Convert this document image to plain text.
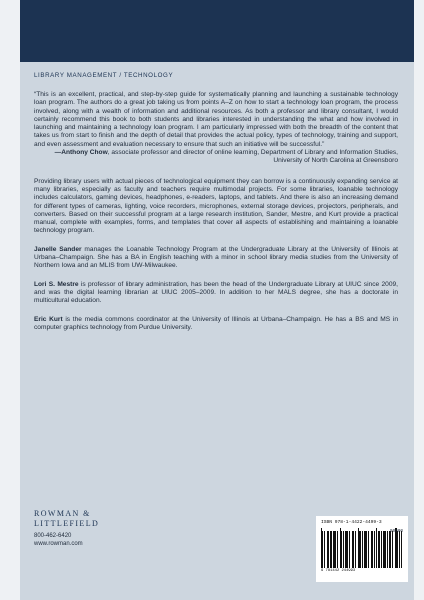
LIBRARY MANAGEMENT / TECHNOLOGY

“This is an excellent, practical, and step-by-step guide for systematically planning and launching a sustainable technology loan program. The authors do a great job taking us from points A–Z on how to start a technology loan program, the process involved, along with a wealth of information and additional resources. As both a professor and library consultant, I would certainly recommend this book to both students and libraries interested in understanding the what and how involved in launching and maintaining a technology loan program. I am particularly impressed with both the breadth of the content that takes us from start to finish and the depth of detail that provides the actual policy, types of technology, training and support, and even assessment and evaluation necessary to ensure that such an initiative will be successful.”

—Anthony Chow, associate professor and director of online learning, Department of Library and Information Studies, University of North Carolina at Greensboro

Providing library users with actual pieces of technological equipment they can borrow is a continuously expanding service at many libraries, especially as faculty and teachers require multimodal projects. For some libraries, loanable technology includes calculators, gaming devices, headphones, e-readers, laptops, and tablets. And there is also an increasing demand for different types of cameras, lighting, voice recorders, microphones, external storage devices, projectors, peripherals, and converters. Based on their successful program at a large research institution, Sander, Mestre, and Kurt provide a practical manual, complete with examples, forms, and templates that cover all aspects of establishing and maintaining a loanable technology program.

Janelle Sander manages the Loanable Technology Program at the Undergraduate Library at the University of Illinois at Urbana–Champaign. She has a BA in English teaching with a minor in school library media studies from the University of Northern Iowa and an MLIS from UW-Milwaukee.

Lori S. Mestre is professor of library administration, has been the head of the Undergraduate Library at UIUC since 2009, and was the digital learning librarian at UIUC 2005–2009. In addition to her MALS degree, she has a doctorate in multicultural education.

Eric Kurt is the media commons coordinator at the University of Illinois at Urbana–Champaign. He has a BS and MS in computer graphics technology from Purdue University.

ROWMAN &
LITTLEFIELD
800-462-6420
www.rowman.com
ISBN 978-1-4422-4499-3
90000
9 781442 244993
